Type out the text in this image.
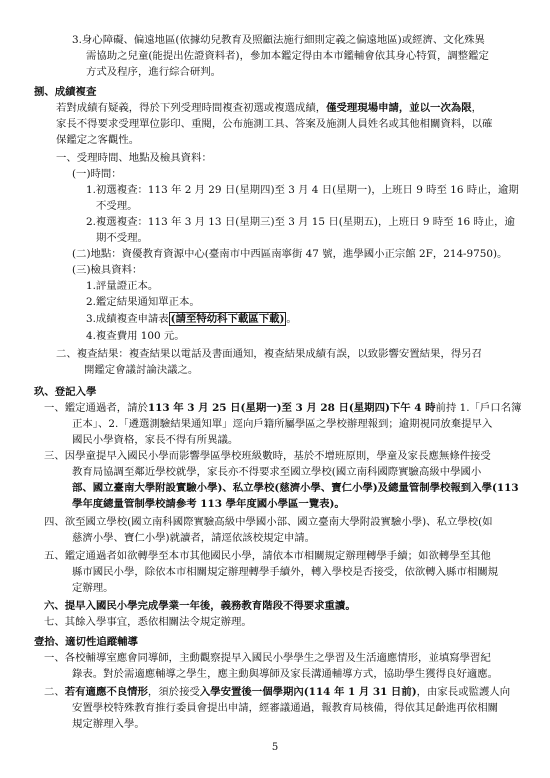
3.身心障礙、偏遠地區(依據幼兒教育及照顧法施行細則定義之偏遠地區)或經濟、文化殊異
需協助之兒童(能提出佐證資料者)，參加本鑑定得由本市鑑輔會依其身心特質，調整鑑定
方式及程序，進行綜合研判。
捌、成績複查
若對成績有疑義，得於下列受理時間複查初選或複選成績，僅受理現場申請，並以一次為限，
家長不得要求受理單位影印、重閱，公布施測工具、答案及施測人員姓名或其他相關資料，以確
保鑑定之客觀性。
一、受理時間、地點及檢具資料：
(一)時間：
1.初選複查：113 年 2 月 29 日(星期四)至 3 月 4 日(星期一)，上班日 9 時至 16 時止，逾期
不受理。
2.複選複查：113 年 3 月 13 日(星期三)至 3 月 15 日(星期五)，上班日 9 時至 16 時止，逾
期不受理。
(二)地點：資優教育資源中心(臺南市中西區南寧街 47 號，進學國小正宗館 2F，214-9750)。
(三)檢具資料：
1.評量證正本。
2.鑑定結果通知單正本。
3.成績複查申請表 (請至特幼科下載區下載) 。
4.複查費用 100 元。
二、複查結果：複查結果以電話及書面通知，複查結果成績有誤，以致影響安置結果，得另召
開鑑定會議討論決議之。
玖、登記入學
一、鑑定通過者，請於113 年 3 月 25 日(星期一)至 3 月 28 日(星期四)下午 4 時前持 1.「戶口名簿
正本」、2.「遴選測驗結果通知單」逕向戶籍所屬學區之學校辦理報到；逾期視同放棄提早入
國民小學資格，家長不得有所異議。
三、因學童提早入國民小學而影響學區學校班級數時，基於不增班原則，學童及家長應無條件接受
教育局協調至鄰近學校就學，家長亦不得要求至國立學校(國立南科國際實驗高級中學國小
部、國立臺南大學附設實驗小學)、私立學校(慈濟小學、寶仁小學)及總量管制學校報到入學(113
學年度總量管制學校請參考 113 學年度國小學區一覽表)。
四、欲至國立學校(國立南科國際實驗高級中學國小部、國立臺南大學附設實驗小學)、私立學校(如
慈濟小學、寶仁小學)就讀者，請逕依該校規定申請。
五、鑑定通過者如欲轉學至本市其他國民小學，請依本市相關規定辦理轉學手續；如欲轉學至其他
縣市國民小學，除依本市相關規定辦理轉學手續外，轉入學校是否接受，依欲轉入縣市相關規
定辦理。
六、提早入國民小學完成學業一年後，義務教育階段不得要求重讀。
七、其餘入學事宜，悉依相關法令規定辦理。
壹拾、適切性追蹤輔導
一、各校輔導室應會同導師，主動觀察提早入國民小學學生之學習及生活適應情形，並填寫學習紀
錄表。對於需適應輔導之學生，應主動與導師及家長溝通輔導方式，協助學生獲得良好適應。
二、若有適應不良情形，須於接受入學安置後一個學期內(114 年 1 月 31 日前)，由家長或監護人向
安置學校特殊教育推行委員會提出申請，經審議通過，報教育局核備，得依其足齡進再依相關
規定辦理入學。
5
